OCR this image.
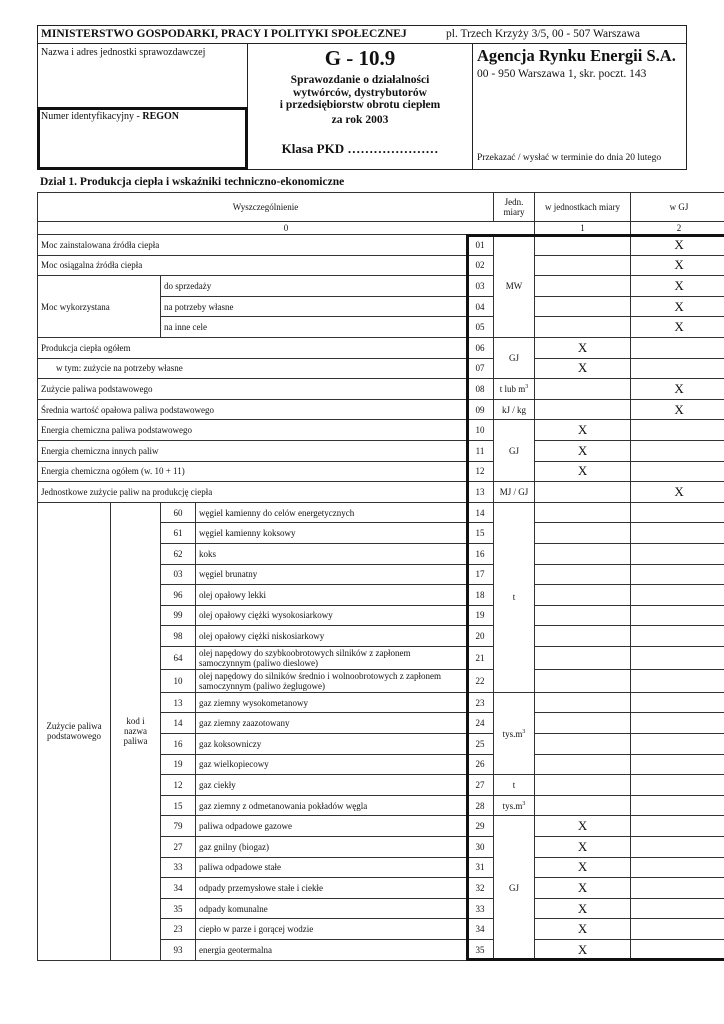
MINISTERSTWO GOSPODARKI, PRACY I POLITYKI SPOŁECZNEJ	pl. Trzech Krzyży 3/5, 00 - 507 Warszawa
Nazwa i adres jednostki sprawozdawczej
Numer identyfikacyjny - REGON
G - 10.9
Sprawozdanie o działalności
wytwórców, dystrybutorów
i przedsiębiorstw obrotu ciepłem
za rok 2003
Klasa PKD …………………
Agencja Rynku Energii S.A.
00 - 950 Warszawa 1, skr. poczt. 143
Przekazać / wysłać w terminie do dnia 20 lutego
Dział 1. Produkcja ciepła i wskaźniki techniczno-ekonomiczne
Wyszczególnienie					Jedn. miary	w jednostkach miary	w GJ
0						1	2
Moc zainstalowana źródła ciepła				01	MW		X
Moc osiągalna źródła ciepła				02			X
Moc wykorzystana		do sprzedaży		03			X
		na potrzeby własne		04			X
		na inne cele		05			X
Produkcja ciepła ogółem				06	GJ	X	
w tym: zużycie na potrzeby własne				07		X	
Zużycie paliwa podstawowego				08	t lub $m^3$		X
Średnia wartość opałowa paliwa podstawowego				09	kJ / kg		X
Energia chemiczna paliwa podstawowego				10	GJ	X	
Energia chemiczna innych paliw				11		X	
Energia chemiczna ogółem (w. 10 + 11)				12		X	
Jednostkowe zużycie paliw na produkcję ciepła				13	MJ / GJ		X
Zużycie paliwa podstawowego	kod i nazwa paliwa	60	węgiel kamienny do celów energetycznych	14	t		
		61	węgiel kamienny koksowy	15			
		62	koks	16			
		03	węgiel brunatny	17			
		96	olej opałowy lekki	18			
		99	olej opałowy ciężki wysokosiarkowy	19			
		98	olej opałowy ciężki niskosiarkowy	20			
		64	olej napędowy do szybkoobrotowych silników z zapłonem samoczynnym (paliwo dieslowe)	21			
		10	olej napędowy do silników średnio i wolnoobrotowych z zapłonem samoczynnym (paliwo żeglugowe)	22			
		13	gaz ziemny wysokometanowy	23	$tys.m^3$		
		14	gaz ziemny zaazotowany	24			
		16	gaz koksowniczy	25			
		19	gaz wielkopiecowy	26			
		12	gaz ciekły	27	t		
		15	gaz ziemny z odmetanowania pokładów węgla	28	$tys.m^3$		
		79	paliwa odpadowe gazowe	29	GJ	X	
		27	gaz gnilny (biogaz)	30		X	
		33	paliwa odpadowe stałe	31		X	
		34	odpady przemysłowe stałe i ciekłe	32		X	
		35	odpady komunalne	33		X	
		23	ciepło w parze i gorącej wodzie	34		X	
		93	energia geotermalna	35		X	
